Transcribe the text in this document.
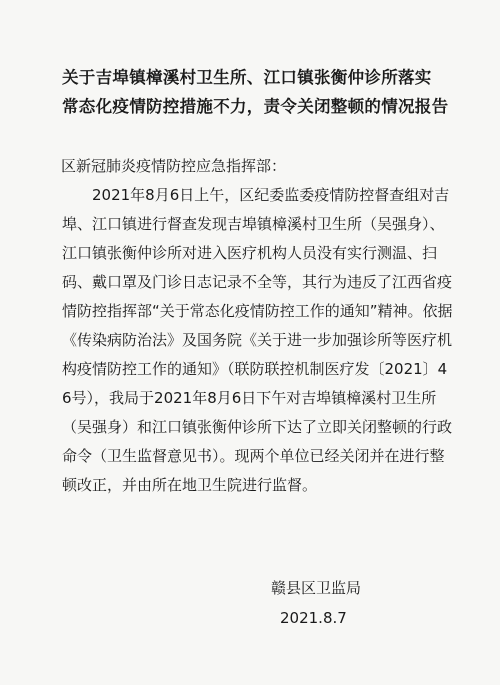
关于吉埠镇樟溪村卫生所、江口镇张衡仲诊所落实
常态化疫情防控措施不力，责令关闭整顿的情况报告
区新冠肺炎疫情防控应急指挥部：
2021年8月6日上午，区纪委监委疫情防控督查组对吉
埠、江口镇进行督查发现吉埠镇樟溪村卫生所（吴强身）、
江口镇张衡仲诊所对进入医疗机构人员没有实行测温、扫
码、戴口罩及门诊日志记录不全等，其行为违反了江西省疫
情防控指挥部“关于常态化疫情防控工作的通知”精神。依据
《传染病防治法》及国务院《关于进一步加强诊所等医疗机
构疫情防控工作的通知》（联防联控机制医疗发〔2021〕4
6号），我局于2021年8月6日下午对吉埠镇樟溪村卫生所
（吴强身）和江口镇张衡仲诊所下达了立即关闭整顿的行政
命令（卫生监督意见书）。现两个单位已经关闭并在进行整
顿改正，并由所在地卫生院进行监督。
赣县区卫监局
2021.8.7
